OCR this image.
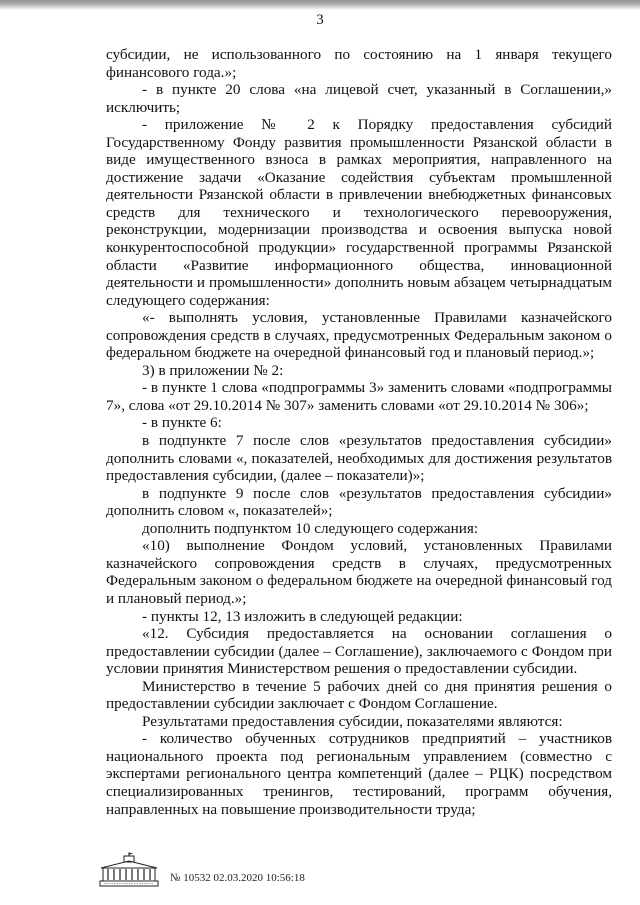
3

субсидии, не использованного по состоянию на 1 января текущего финансового года.»;

- в пункте 20 слова «на лицевой счет, указанный в Соглашении,» исключить;

- приложение № 2 к Порядку предоставления субсидий Государственному Фонду развития промышленности Рязанской области в виде имущественного взноса в рамках мероприятия, направленного на достижение задачи «Оказание содействия субъектам промышленной деятельности Рязанской области в привлечении внебюджетных финансовых средств для технического и технологического перевооружения, реконструкции, модернизации производства и освоения выпуска новой конкурентоспособной продукции» государственной программы Рязанской области «Развитие информационного общества, инновационной деятельности и промышленности» дополнить новым абзацем четырнадцатым следующего содержания:

«- выполнять условия, установленные Правилами казначейского сопровождения средств в случаях, предусмотренных Федеральным законом о федеральном бюджете на очередной финансовый год и плановый период.»;

3) в приложении № 2:

- в пункте 1 слова «подпрограммы 3» заменить словами «подпрограммы 7», слова «от 29.10.2014 № 307» заменить словами «от 29.10.2014 № 306»;

- в пункте 6:

в подпункте 7 после слов «результатов предоставления субсидии» дополнить словами «, показателей, необходимых для достижения результатов предоставления субсидии, (далее – показатели)»;

в подпункте 9 после слов «результатов предоставления субсидии» дополнить словом «, показателей»;

дополнить подпунктом 10 следующего содержания:

«10) выполнение Фондом условий, установленных Правилами казначейского сопровождения средств в случаях, предусмотренных Федеральным законом о федеральном бюджете на очередной финансовый год и плановый период.»;

- пункты 12, 13 изложить в следующей редакции:

«12. Субсидия предоставляется на основании соглашения о предоставлении субсидии (далее – Соглашение), заключаемого с Фондом при условии принятия Министерством решения о предоставлении субсидии.

Министерство в течение 5 рабочих дней со дня принятия решения о предоставлении субсидии заключает с Фондом Соглашение.

Результатами предоставления субсидии, показателями являются:

- количество обученных сотрудников предприятий – участников национального проекта под региональным управлением (совместно с экспертами регионального центра компетенций (далее – РЦК) посредством специализированных тренингов, тестирований, программ обучения, направленных на повышение производительности труда;

№ 10532 02.03.2020 10:56:18
